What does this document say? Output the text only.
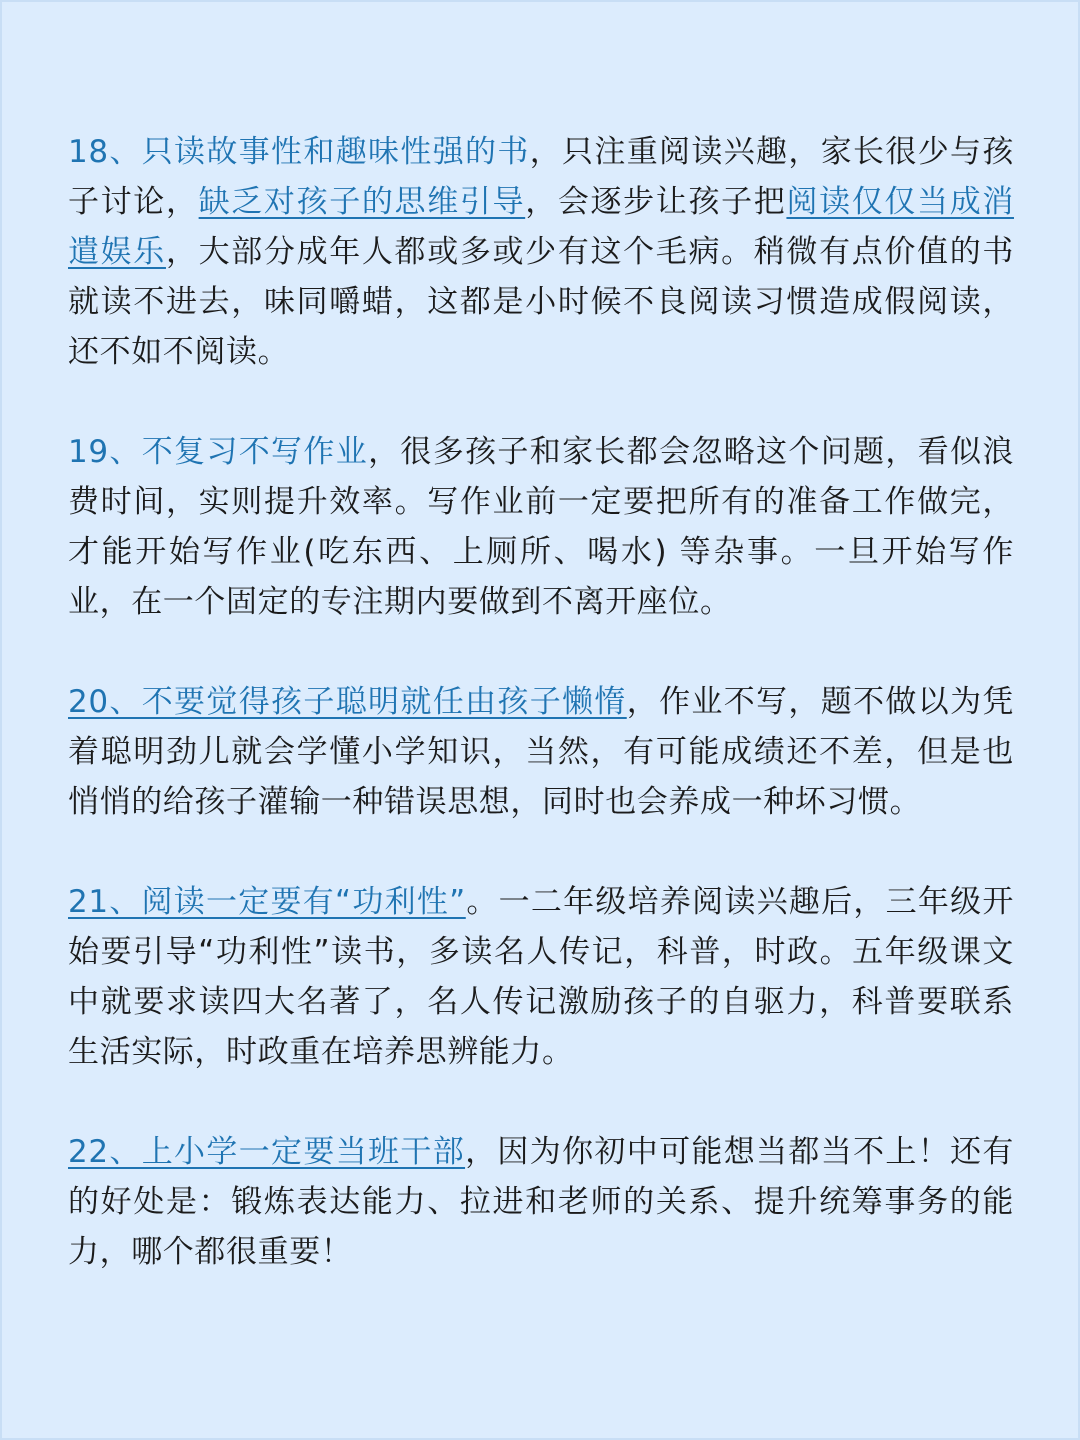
18、只读故事性和趣味性强的书，只注重阅读兴趣，家长很少与孩子讨论，缺乏对孩子的思维引导，会逐步让孩子把阅读仅仅当成消遣娱乐，大部分成年人都或多或少有这个毛病。稍微有点价值的书就读不进去，味同嚼蜡，这都是小时候不良阅读习惯造成假阅读，还不如不阅读。

19、不复习不写作业，很多孩子和家长都会忽略这个问题，看似浪费时间，实则提升效率。写作业前一定要把所有的准备工作做完，才能开始写作业(吃东西、上厕所、喝水) 等杂事。一旦开始写作业，在一个固定的专注期内要做到不离开座位。

20、不要觉得孩子聪明就任由孩子懒惰，作业不写，题不做以为凭着聪明劲儿就会学懂小学知识，当然，有可能成绩还不差，但是也悄悄的给孩子灌输一种错误思想，同时也会养成一种坏习惯。

21、阅读一定要有“功利性”。一二年级培养阅读兴趣后，三年级开始要引导“功利性”读书，多读名人传记，科普，时政。五年级课文中就要求读四大名著了，名人传记激励孩子的自驱力，科普要联系生活实际，时政重在培养思辨能力。

22、上小学一定要当班干部，因为你初中可能想当都当不上！还有的好处是：锻炼表达能力、拉进和老师的关系、提升统筹事务的能力，哪个都很重要！
